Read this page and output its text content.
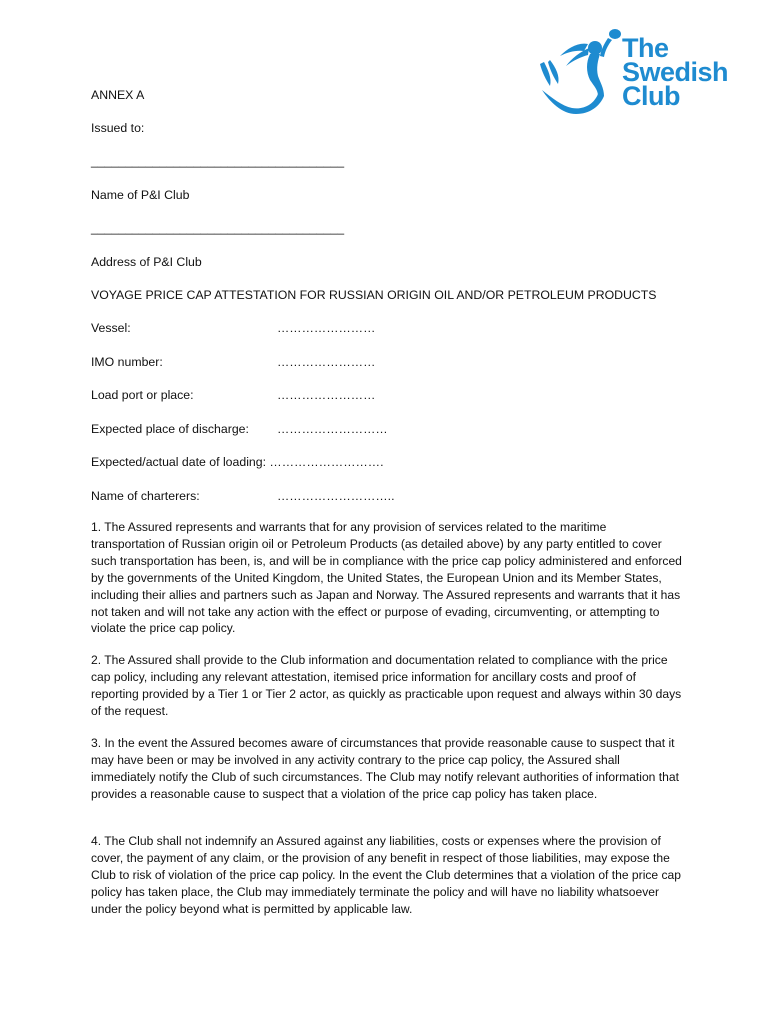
The
Swedish
Club
ANNEX A
Issued to:
_____________________________________
Name of P&I Club
_____________________________________
Address of P&I Club
VOYAGE PRICE CAP ATTESTATION FOR RUSSIAN ORIGIN OIL AND/OR PETROLEUM PRODUCTS
Vessel:	……………………
IMO number:	……………………
Load port or place:	……………………
Expected place of discharge: ………………………
Expected/actual date of loading: ……………………….
Name of charterers:	………………………..
1. The Assured represents and warrants that for any provision of services related to the maritime transportation of Russian origin oil or Petroleum Products (as detailed above) by any party entitled to cover such transportation has been, is, and will be in compliance with the price cap policy administered and enforced by the governments of the United Kingdom, the United States, the European Union and its Member States, including their allies and partners such as Japan and Norway. The Assured represents and warrants that it has not taken and will not take any action with the effect or purpose of evading, circumventing, or attempting to violate the price cap policy.
2. The Assured shall provide to the Club information and documentation related to compliance with the price cap policy, including any relevant attestation, itemised price information for ancillary costs and proof of reporting provided by a Tier 1 or Tier 2 actor, as quickly as practicable upon request and always within 30 days of the request.
3. In the event the Assured becomes aware of circumstances that provide reasonable cause to suspect that it may have been or may be involved in any activity contrary to the price cap policy, the Assured shall immediately notify the Club of such circumstances. The Club may notify relevant authorities of information that provides a reasonable cause to suspect that a violation of the price cap policy has taken place.
4. The Club shall not indemnify an Assured against any liabilities, costs or expenses where the provision of cover, the payment of any claim, or the provision of any benefit in respect of those liabilities, may expose the Club to risk of violation of the price cap policy. In the event the Club determines that a violation of the price cap policy has taken place, the Club may immediately terminate the policy and will have no liability whatsoever under the policy beyond what is permitted by applicable law.
